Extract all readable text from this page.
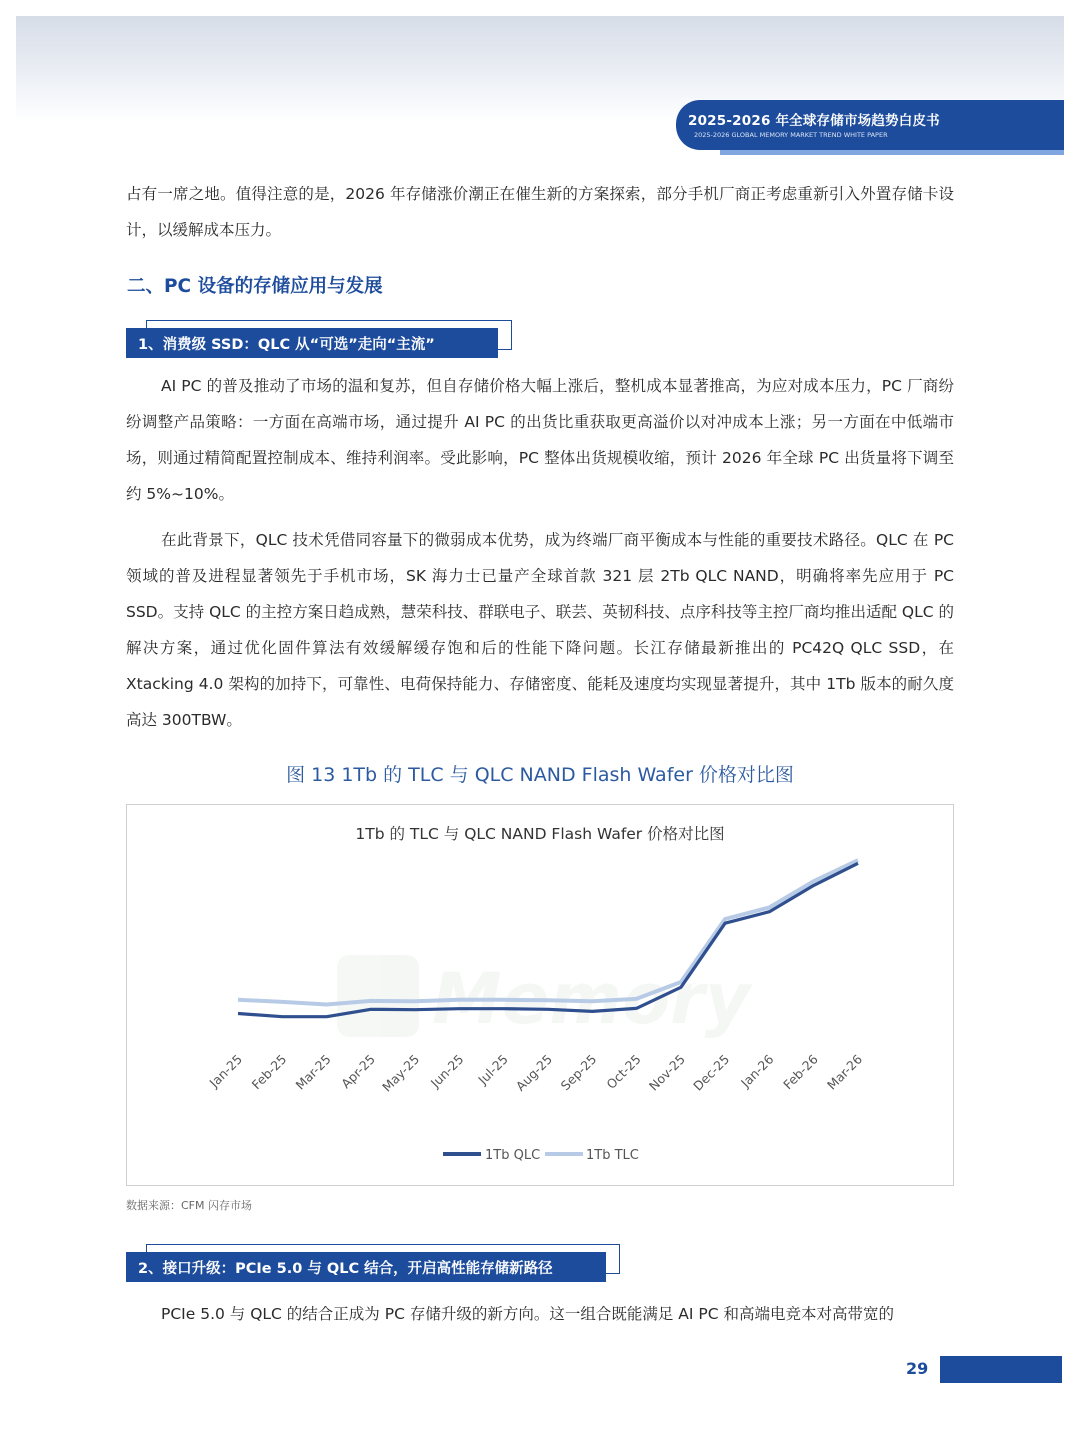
2025-2026 年全球存储市场趋势白皮书
2025-2026 GLOBAL MEMORY MARKET TREND WHITE PAPER

占有一席之地。值得注意的是，2026 年存储涨价潮正在催生新的方案探索，部分手机厂商正考虑重新引入外置存储卡设计，以缓解成本压力。

二、PC 设备的存储应用与发展
1、消费级 SSD：QLC 从“可选”走向“主流”

AI PC 的普及推动了市场的温和复苏，但自存储价格大幅上涨后，整机成本显著推高，为应对成本压力，PC 厂商纷纷调整产品策略：一方面在高端市场，通过提升 AI PC 的出货比重获取更高溢价以对冲成本上涨；另一方面在中低端市场，则通过精简配置控制成本、维持利润率。受此影响，PC 整体出货规模收缩，预计 2026 年全球 PC 出货量将下调至约 5%~10%。

在此背景下，QLC 技术凭借同容量下的微弱成本优势，成为终端厂商平衡成本与性能的重要技术路径。QLC 在 PC 领域的普及进程显著领先于手机市场，SK 海力士已量产全球首款 321 层 2Tb QLC NAND，明确将率先应用于 PC SSD。支持 QLC 的主控方案日趋成熟，慧荣科技、群联电子、联芸、英韧科技、点序科技等主控厂商均推出适配 QLC 的解决方案，通过优化固件算法有效缓解缓存饱和后的性能下降问题。长江存储最新推出的 PC42Q QLC SSD，在 Xtacking 4.0 架构的加持下，可靠性、电荷保持能力、存储密度、能耗及速度均实现显著提升，其中 1Tb 版本的耐久度高达 300TBW。

图 13 1Tb 的 TLC 与 QLC NAND Flash Wafer 价格对比图
1Tb 的 TLC 与 QLC NAND Flash Wafer 价格对比图
Memory
Jan-25 Feb-25 Mar-25 Apr-25 May-25 Jun-25 Jul-25 Aug-25 Sep-25 Oct-25 Nov-25 Dec-25 Jan-26 Feb-26 Mar-26
1Tb QLC	1Tb TLC
数据来源：CFM 闪存市场
2、接口升级：PCIe 5.0 与 QLC 结合，开启高性能存储新路径

PCIe 5.0 与 QLC 的结合正成为 PC 存储升级的新方向。这一组合既能满足 AI PC 和高端电竞本对高带宽的

29
